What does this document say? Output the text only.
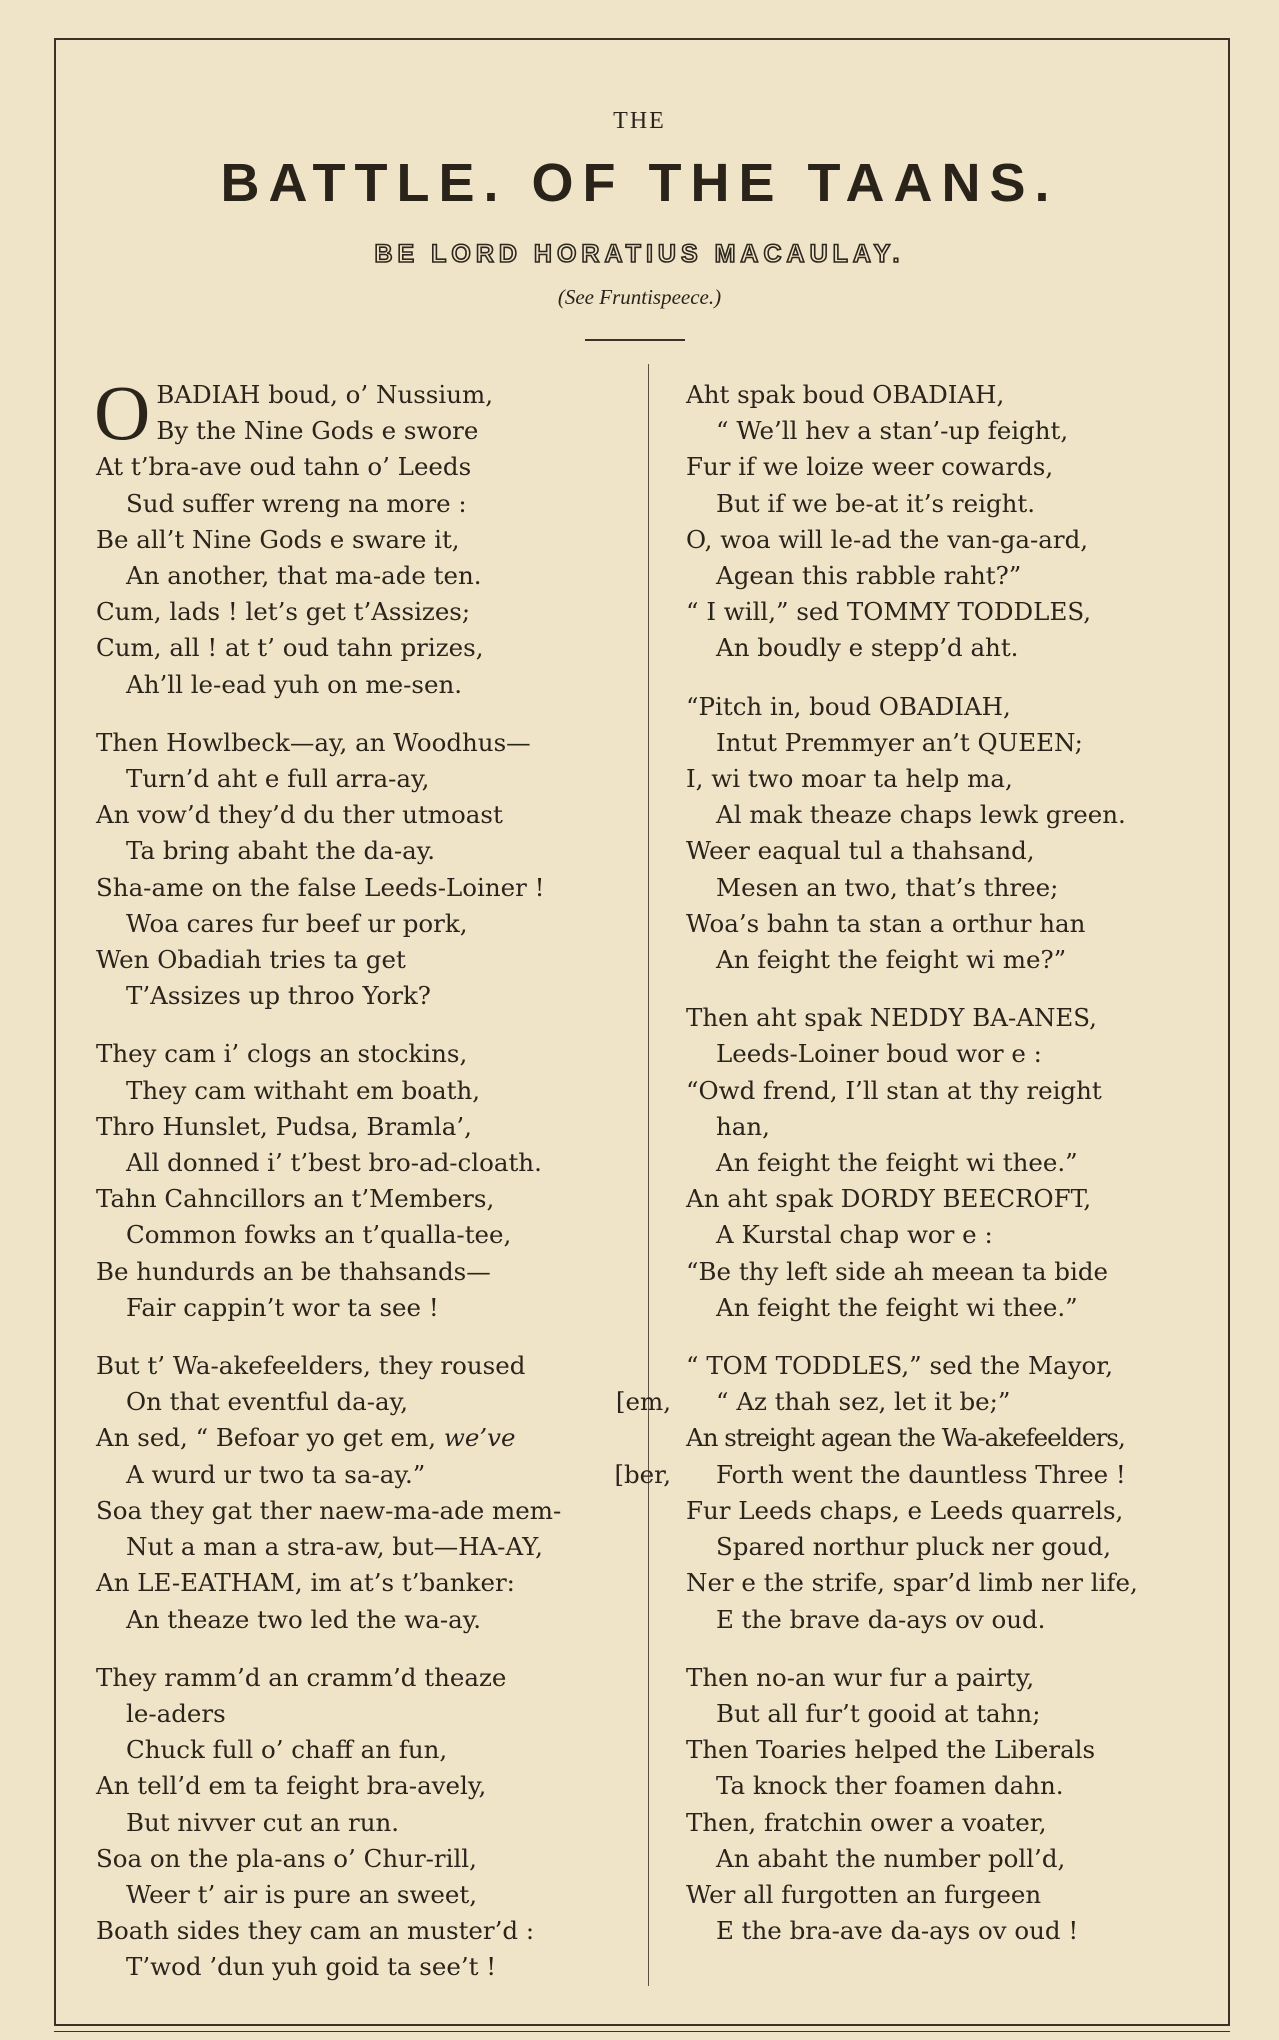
THE
BATTLE. OF THE TAANS.
BE LORD HORATIUS MACAULAY.
(See Fruntispeece.)
O BADIAH boud, o’ Nussium,
By the Nine Gods e swore
At t’bra-ave oud tahn o’ Leeds
Sud suffer wreng na more :
Be all’t Nine Gods e sware it,
An another, that ma-ade ten.
Cum, lads ! let’s get t’Assizes;
Cum, all ! at t’ oud tahn prizes,
Ah’ll le-ead yuh on me-sen.
Then Howlbeck—ay, an Woodhus—
Turn’d aht e full arra-ay,
An vow’d they’d du ther utmoast
Ta bring abaht the da-ay.
Sha-ame on the false Leeds-Loiner !
Woa cares fur beef ur pork,
Wen Obadiah tries ta get
T’Assizes up throo York?
They cam i’ clogs an stockins,
They cam withaht em boath,
Thro Hunslet, Pudsa, Bramla’,
All donned i’ t’best bro-ad-cloath.
Tahn Cahncillors an t’Members,
Common fowks an t’qualla-tee,
Be hundurds an be thahsands—
Fair cappin’t wor ta see !
But t’ Wa-akefeelders, they roused
On that eventful da-ay,	[em,
An sed, “ Befoar yo get em, we’ve
A wurd ur two ta sa-ay.”	[ber,
Soa they gat ther naew-ma-ade mem-
Nut a man a stra-aw, but—HA-AY,
An LE-EATHAM, im at’s t’banker:
An theaze two led the wa-ay.
They ramm’d an cramm’d theaze
le-aders
Chuck full o’ chaff an fun,
An tell’d em ta feight bra-avely,
But nivver cut an run.
Soa on the pla-ans o’ Chur-rill,
Weer t’ air is pure an sweet,
Boath sides they cam an muster’d :
T’wod ’dun yuh goid ta see’t !
Aht spak boud OBADIAH,
“ We’ll hev a stan’-up feight,
Fur if we loize weer cowards,
But if we be-at it’s reight.
O, woa will le-ad the van-ga-ard,
Agean this rabble raht?”
“ I will,” sed TOMMY TODDLES,
An boudly e stepp’d aht.
“Pitch in, boud OBADIAH,
Intut Premmyer an’t QUEEN;
I, wi two moar ta help ma,
Al mak theaze chaps lewk green.
Weer eaqual tul a thahsand,
Mesen an two, that’s three;
Woa’s bahn ta stan a orthur han
An feight the feight wi me?”
Then aht spak NEDDY BA-ANES,
Leeds-Loiner boud wor e :
“Owd frend, I’ll stan at thy reight
han,
An feight the feight wi thee.”
An aht spak DORDY BEECROFT,
A Kurstal chap wor e :
“Be thy left side ah meean ta bide
An feight the feight wi thee.”
“ TOM TODDLES,” sed the Mayor,
“ Az thah sez, let it be;”
An streight agean the Wa-akefeelders,
Forth went the dauntless Three !
Fur Leeds chaps, e Leeds quarrels,
Spared northur pluck ner goud,
Ner e the strife, spar’d limb ner life,
E the brave da-ays ov oud.
Then no-an wur fur a pairty,
But all fur’t gooid at tahn;
Then Toaries helped the Liberals
Ta knock ther foamen dahn.
Then, fratchin ower a voater,
An abaht the number poll’d,
Wer all furgotten an furgeen
E the bra-ave da-ays ov oud !
